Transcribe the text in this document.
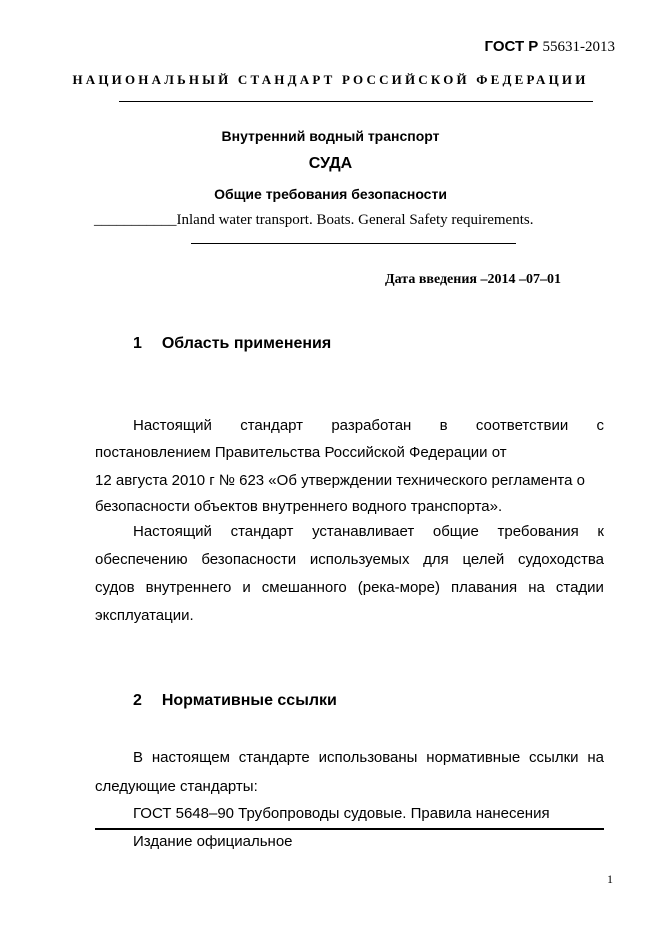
ГОСТ Р 55631-2013
НАЦИОНАЛЬНЫЙ СТАНДАРТ РОССИЙСКОЙ ФЕДЕРАЦИИ
Внутренний водный транспорт
СУДА
Общие требования безопасности
___________Inland water transport. Boats. General Safety requirements.
Дата введения –2014 –07–01
1 Область применения
Настоящий стандарт разработан в соответствии с
постановлением Правительства Российской Федерации от
12 августа 2010 г № 623 «Об утверждении технического регламента о
безопасности объектов внутреннего водного транспорта».
Настоящий стандарт устанавливает общие требования к
обеспечению безопасности используемых для целей судоходства
судов внутреннего и смешанного (река-море) плавания на стадии
эксплуатации.
2 Нормативные ссылки
В настоящем стандарте использованы нормативные ссылки на
следующие стандарты:
ГОСТ 5648–90 Трубопроводы судовые. Правила нанесения
Издание официальное
1
